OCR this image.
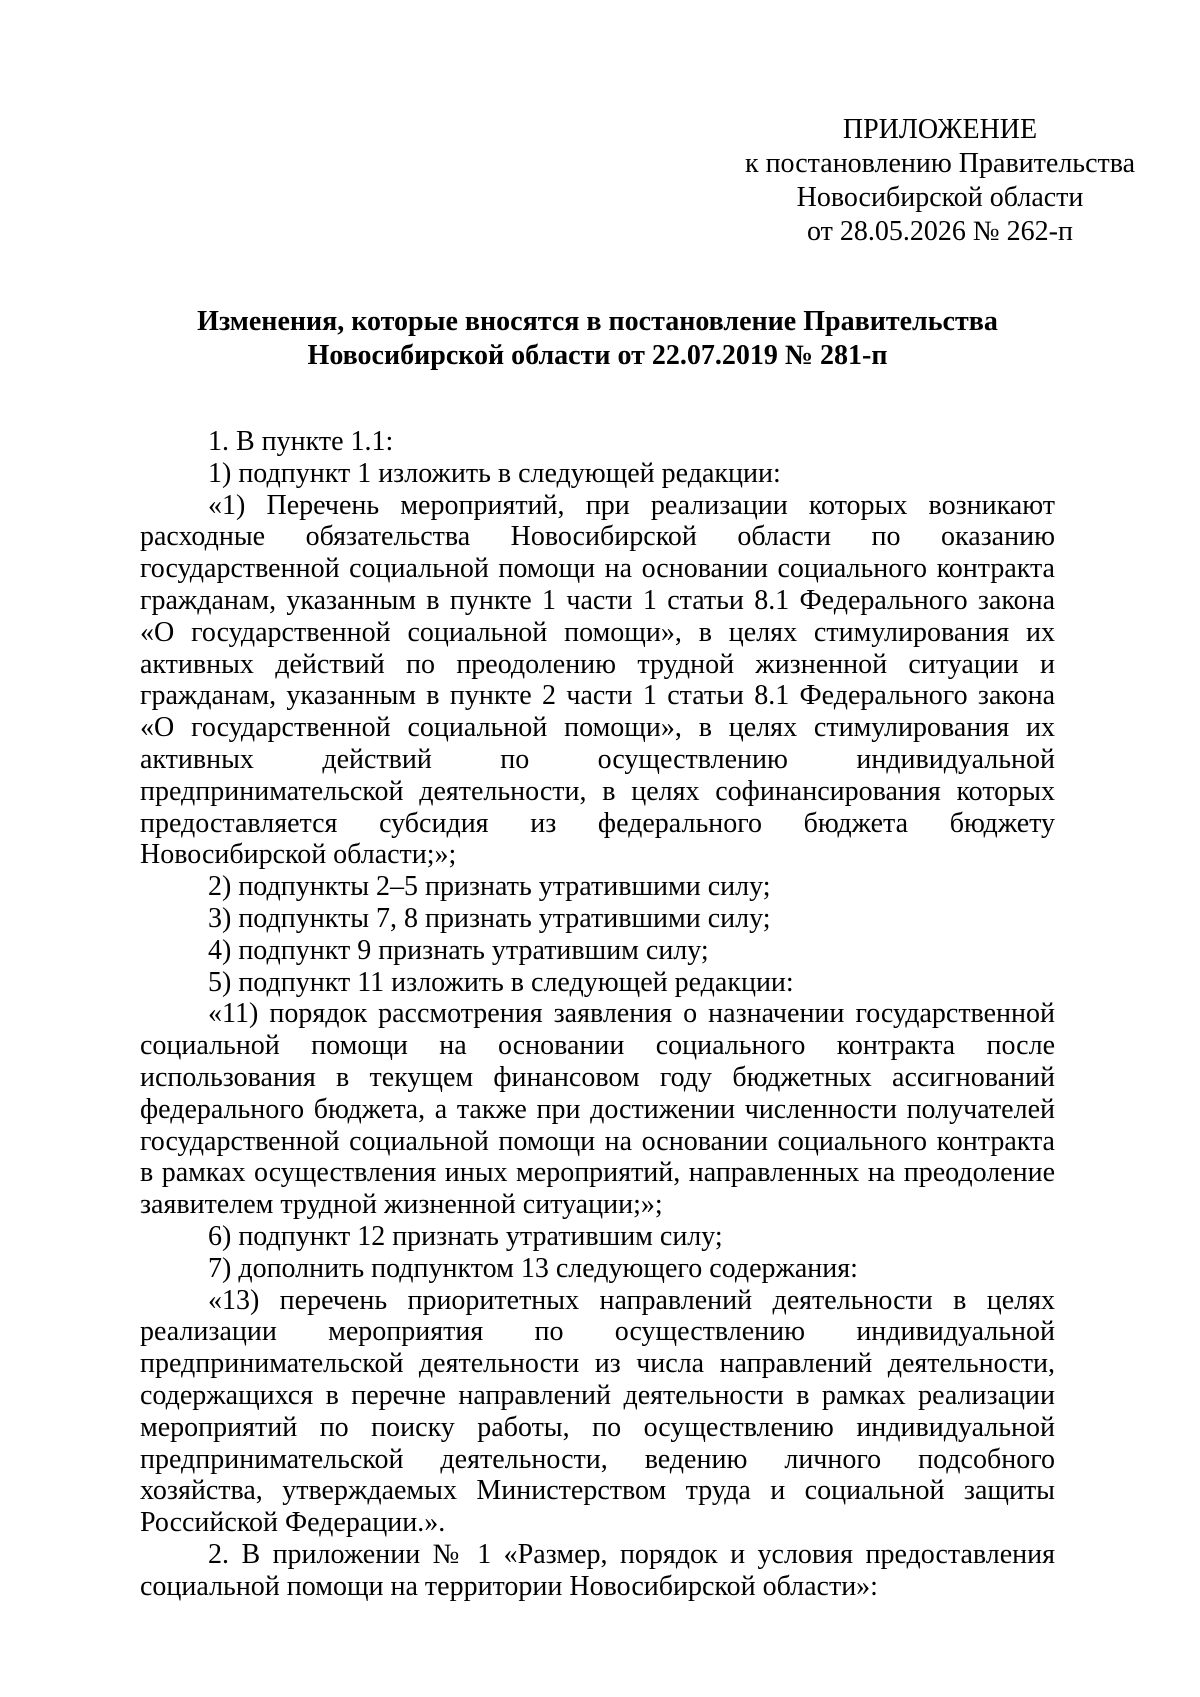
ПРИЛОЖЕНИЕ
к постановлению Правительства
Новосибирской области
от 28.05.2026 № 262-п
Изменения, которые вносятся в постановление Правительства
Новосибирской области от 22.07.2019 № 281-п

1. В пункте 1.1:

1) подпункт 1 изложить в следующей редакции:

«1) Перечень мероприятий, при реализации которых возникают расходные обязательства Новосибирской области по оказанию государственной социальной помощи на основании социального контракта гражданам, указанным в пункте 1 части 1 статьи 8.1 Федерального закона «О государственной социальной помощи», в целях стимулирования их активных действий по преодолению трудной жизненной ситуации и гражданам, указанным в пункте 2 части 1 статьи 8.1 Федерального закона «О государственной социальной помощи», в целях стимулирования их активных действий по осуществлению индивидуальной предпринимательской деятельности, в целях софинансирования которых предоставляется субсидия из федерального бюджета бюджету Новосибирской области;»;

2) подпункты 2–5 признать утратившими силу;

3) подпункты 7, 8 признать утратившими силу;

4) подпункт 9 признать утратившим силу;

5) подпункт 11 изложить в следующей редакции:

«11) порядок рассмотрения заявления о назначении государственной социальной помощи на основании социального контракта после использования в текущем финансовом году бюджетных ассигнований федерального бюджета, а также при достижении численности получателей государственной социальной помощи на основании социального контракта в рамках осуществления иных мероприятий, направленных на преодоление заявителем трудной жизненной ситуации;»;

6) подпункт 12 признать утратившим силу;

7) дополнить подпунктом 13 следующего содержания:

«13) перечень приоритетных направлений деятельности в целях реализации мероприятия по осуществлению индивидуальной предпринимательской деятельности из числа направлений деятельности, содержащихся в перечне направлений деятельности в рамках реализации мероприятий по поиску работы, по осуществлению индивидуальной предпринимательской деятельности, ведению личного подсобного хозяйства, утверждаемых Министерством труда и социальной защиты Российской Федерации.».

2. В приложении № 1 «Размер, порядок и условия предоставления социальной помощи на территории Новосибирской области»:
